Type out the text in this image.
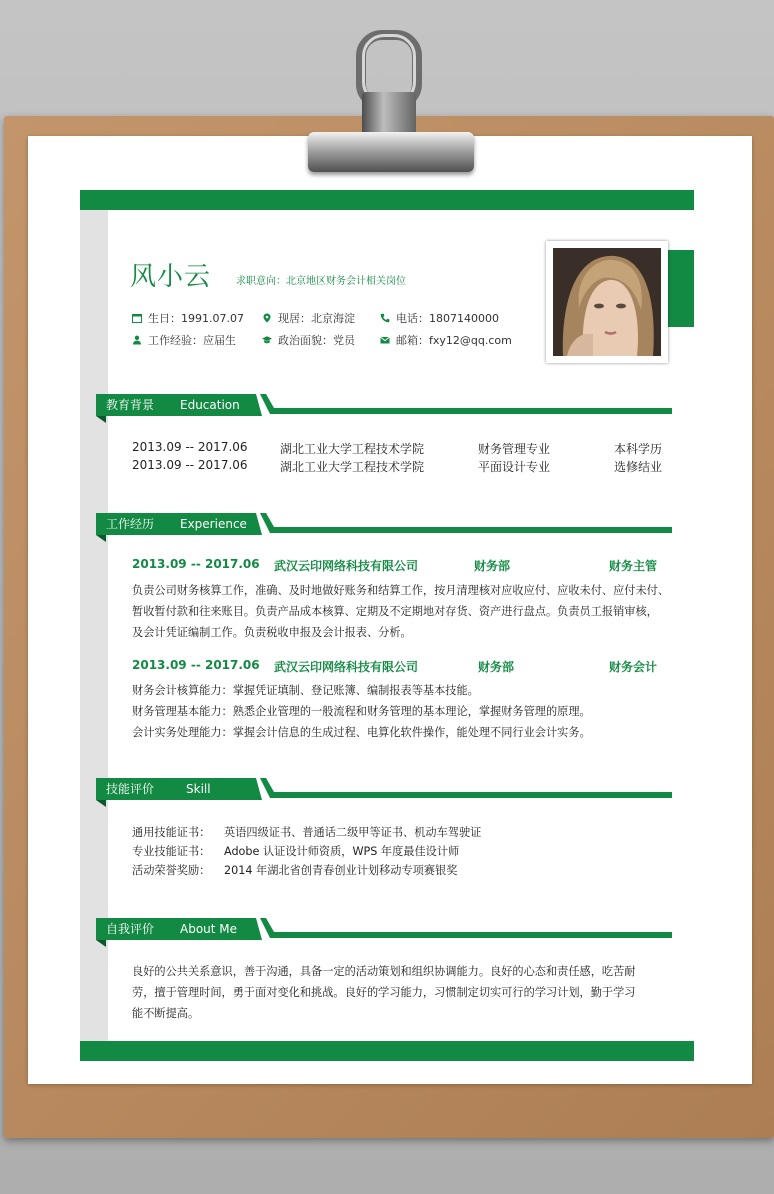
风小云 求职意向：北京地区财务会计相关岗位
生日：1991.07.07	现居：北京海淀	电话：1807140000
工作经验：应届生	政治面貌：党员	邮箱：fxy12@qq.com
教育背景 Education
2013.09 -- 2017.06	湖北工业大学工程技术学院	财务管理专业	本科学历
2013.09 -- 2017.06	湖北工业大学工程技术学院	平面设计专业	选修结业
工作经历 Experience
2013.09 -- 2017.06 武汉云印网络科技有限公司	财务部	财务主管
负责公司财务核算工作，准确、及时地做好账务和结算工作，按月清理核对应收应付、应收未付、应付未付、
暂收暂付款和往来账目。负责产品成本核算、定期及不定期地对存货、资产进行盘点。负责员工报销审核，
及会计凭证编制工作。负责税收申报及会计报表、分析。
2013.09 -- 2017.06 武汉云印网络科技有限公司	财务部	财务会计
财务会计核算能力：掌握凭证填制、登记账簿、编制报表等基本技能。
财务管理基本能力：熟悉企业管理的一般流程和财务管理的基本理论，掌握财务管理的原理。
会计实务处理能力：掌握会计信息的生成过程、电算化软件操作，能处理不同行业会计实务。
技能评价	Skill
通用技能证书： 英语四级证书、普通话二级甲等证书、机动车驾驶证
专业技能证书： Adobe 认证设计师资质，WPS 年度最佳设计师
活动荣誉奖励： 2014 年湖北省创青春创业计划移动专项赛银奖
自我评价 About Me
良好的公共关系意识，善于沟通，具备一定的活动策划和组织协调能力。良好的心态和责任感，吃苦耐
劳，擅于管理时间，勇于面对变化和挑战。良好的学习能力，习惯制定切实可行的学习计划，勤于学习
能不断提高。
